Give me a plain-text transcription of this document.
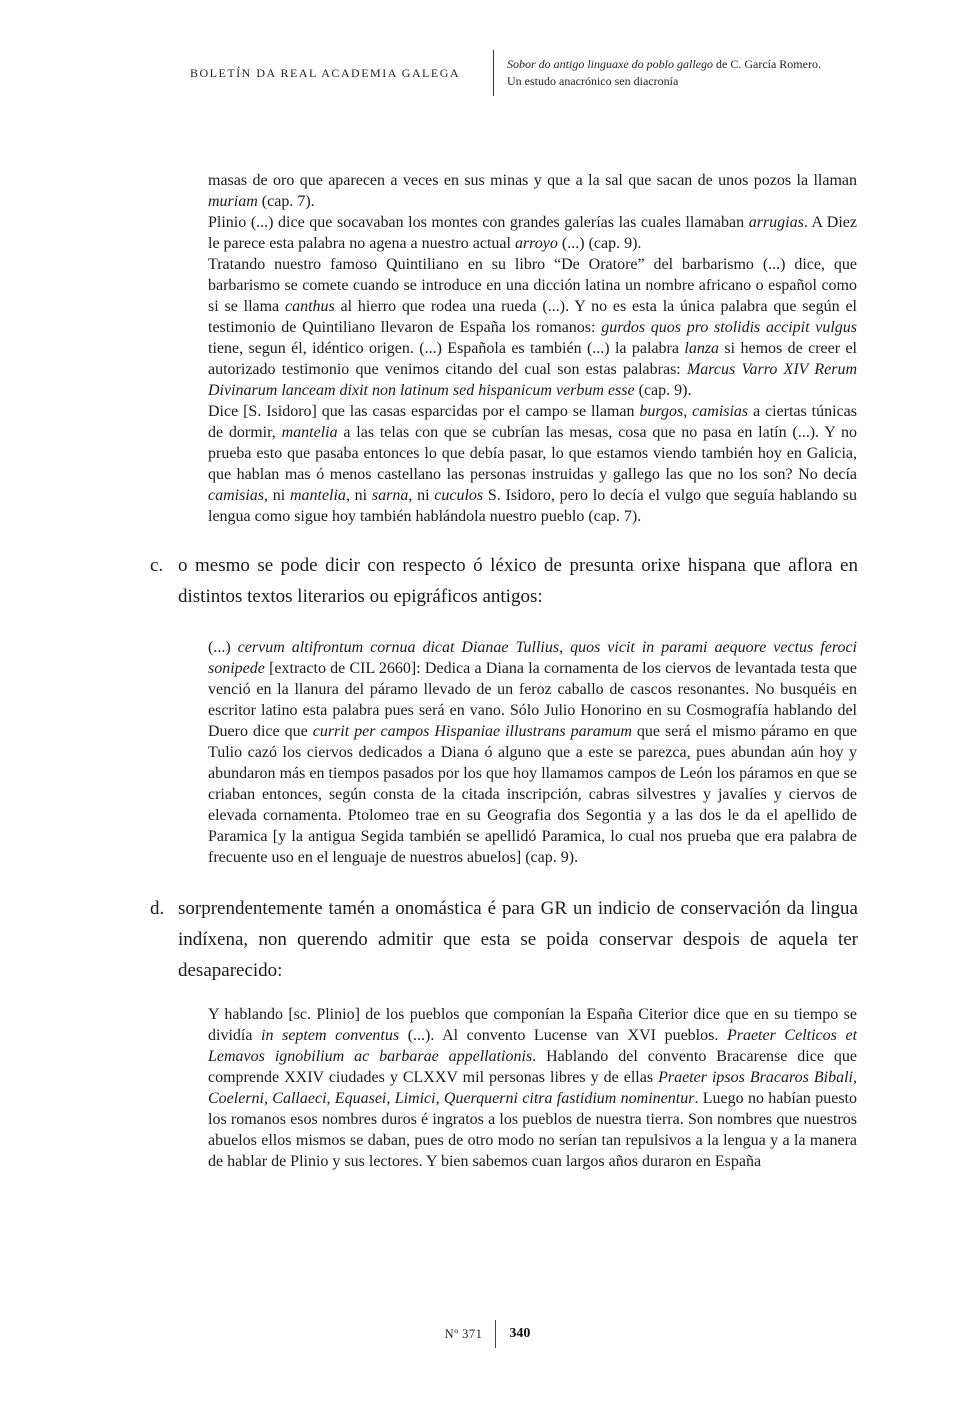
BOLETÍN DA REAL ACADEMIA GALEGA
Sobor do antigo linguaxe do poblo gallego de C. García Romero.
Un estudo anacrónico sen diacronía

masas de oro que aparecen a veces en sus minas y que a la sal que sacan de unos pozos la llaman muriam (cap. 7).

Plinio (...) dice que socavaban los montes con grandes galerías las cuales llamaban arrugias. A Diez le parece esta palabra no agena a nuestro actual arroyo (...) (cap. 9).

Tratando nuestro famoso Quintiliano en su libro “De Oratore” del barbarismo (...) dice, que barbarismo se comete cuando se introduce en una dicción latina un nombre africano o español como si se llama canthus al hierro que rodea una rueda (...). Y no es esta la única palabra que según el testimonio de Quintiliano llevaron de España los romanos: gurdos quos pro stolidis accipit vulgus tiene, segun él, idéntico origen. (...) Española es también (...) la palabra lanza si hemos de creer el autorizado testimonio que venimos citando del cual son estas palabras: Marcus Varro XIV Rerum Divinarum lanceam dixit non latinum sed hispanicum verbum esse (cap. 9).

Dice [S. Isidoro] que las casas esparcidas por el campo se llaman burgos, camisias a ciertas túnicas de dormir, mantelia a las telas con que se cubrían las mesas, cosa que no pasa en latín (...). Y no prueba esto que pasaba entonces lo que debía pasar, lo que estamos viendo también hoy en Galicia, que hablan mas ó menos castellano las personas instruidas y gallego las que no los son? No decía camisias, ni mantelia, ni sarna, ni cuculos S. Isidoro, pero lo decía el vulgo que seguía hablando su lengua como sigue hoy también hablándola nuestro pueblo (cap. 7).

c. o mesmo se pode dicir con respecto ó léxico de presunta orixe hispana que aflora en distintos textos literarios ou epigráficos antigos:

(...) cervum altifrontum cornua dicat Dianae Tullius, quos vicit in parami aequore vectus feroci sonipede [extracto de CIL 2660]: Dedica a Diana la cornamenta de los ciervos de levantada testa que venció en la llanura del páramo llevado de un feroz caballo de cascos resonantes. No busquéis en escritor latino esta palabra pues será en vano. Sólo Julio Honorino en su Cosmografía hablando del Duero dice que currit per campos Hispaniae illustrans paramum que será el mismo páramo en que Tulio cazó los ciervos dedicados a Diana ó alguno que a este se parezca, pues abundan aún hoy y abundaron más en tiempos pasados por los que hoy llamamos campos de León los páramos en que se criaban entonces, según consta de la citada inscripción, cabras silvestres y javalíes y ciervos de elevada cornamenta. Ptolomeo trae en su Geografia dos Segontia y a las dos le da el apellido de Paramica [y la antigua Segida también se apellidó Paramica, lo cual nos prueba que era palabra de frecuente uso en el lenguaje de nuestros abuelos] (cap. 9).

d. sorprendentemente tamén a onomástica é para GR un indicio de conservación da lingua indíxena, non querendo admitir que esta se poida conservar despois de aquela ter desaparecido:

Y hablando [sc. Plinio] de los pueblos que componían la España Citerior dice que en su tiempo se dividía in septem conventus (...). Al convento Lucense van XVI pueblos. Praeter Celticos et Lemavos ignobilium ac barbarae appellationis. Hablando del convento Bracarense dice que comprende XXIV ciudades y CLXXV mil personas libres y de ellas Praeter ipsos Bracaros Bibali, Coelerni, Callaeci, Equasei, Limici, Querquerni citra fastidium nominentur. Luego no habían puesto los romanos esos nombres duros é ingratos a los pueblos de nuestra tierra. Son nombres que nuestros abuelos ellos mismos se daban, pues de otro modo no serían tan repulsivos a la lengua y a la manera de hablar de Plinio y sus lectores. Y bien sabemos cuan largos años duraron en España

Nº 371 340
